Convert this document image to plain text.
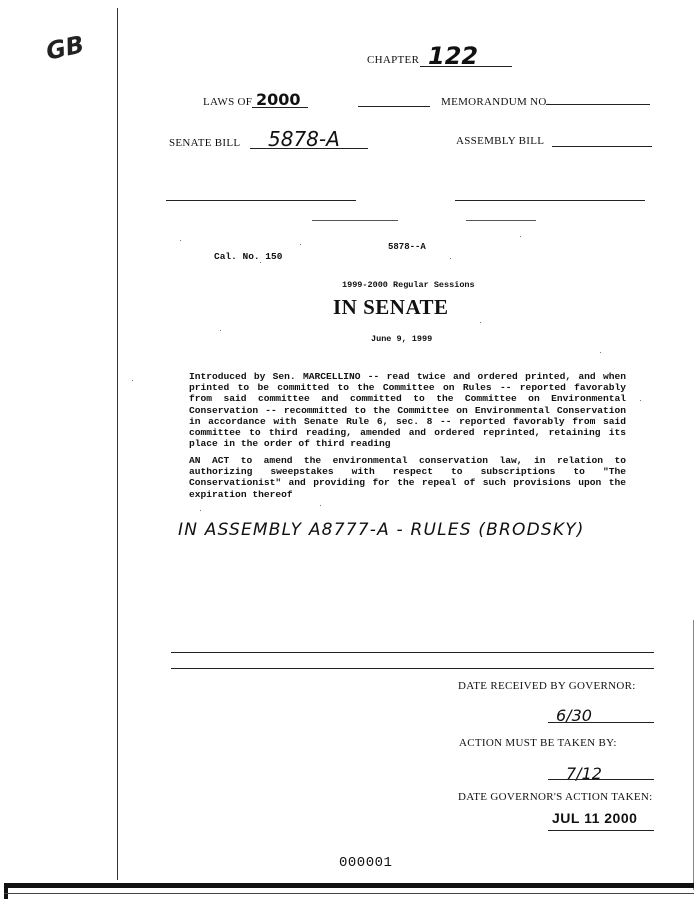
GB	CHAPTER 122
LAWS OF 2000	MEMORANDUM NO.
SENATE BILL 5878-A	ASSEMBLY BILL
5878--A
Cal. No. 150
1999-2000 Regular Sessions
IN SENATE
June 9, 1999
Introduced by Sen. MARCELLINO -- read twice and ordered printed, and when printed to be committed to the Committee on Rules -- reported favorably from said committee and committed to the Committee on Environmental Conservation -- recommitted to the Committee on Environmental Conservation in accordance with Senate Rule 6, sec. 8 -- reported favorably from said committee to third reading, amended and ordered reprinted, retaining its place in the order of third reading
AN ACT to amend the environmental conservation law, in relation to authorizing sweepstakes with respect to subscriptions to "The Conservationist" and providing for the repeal of such provisions upon the expiration thereof
IN ASSEMBLY A8777-A - RULES (BRODSKY)
DATE RECEIVED BY GOVERNOR:
6/30
ACTION MUST BE TAKEN BY:
7/12
DATE GOVERNOR'S ACTION TAKEN:
JUL 11 2000
000001
